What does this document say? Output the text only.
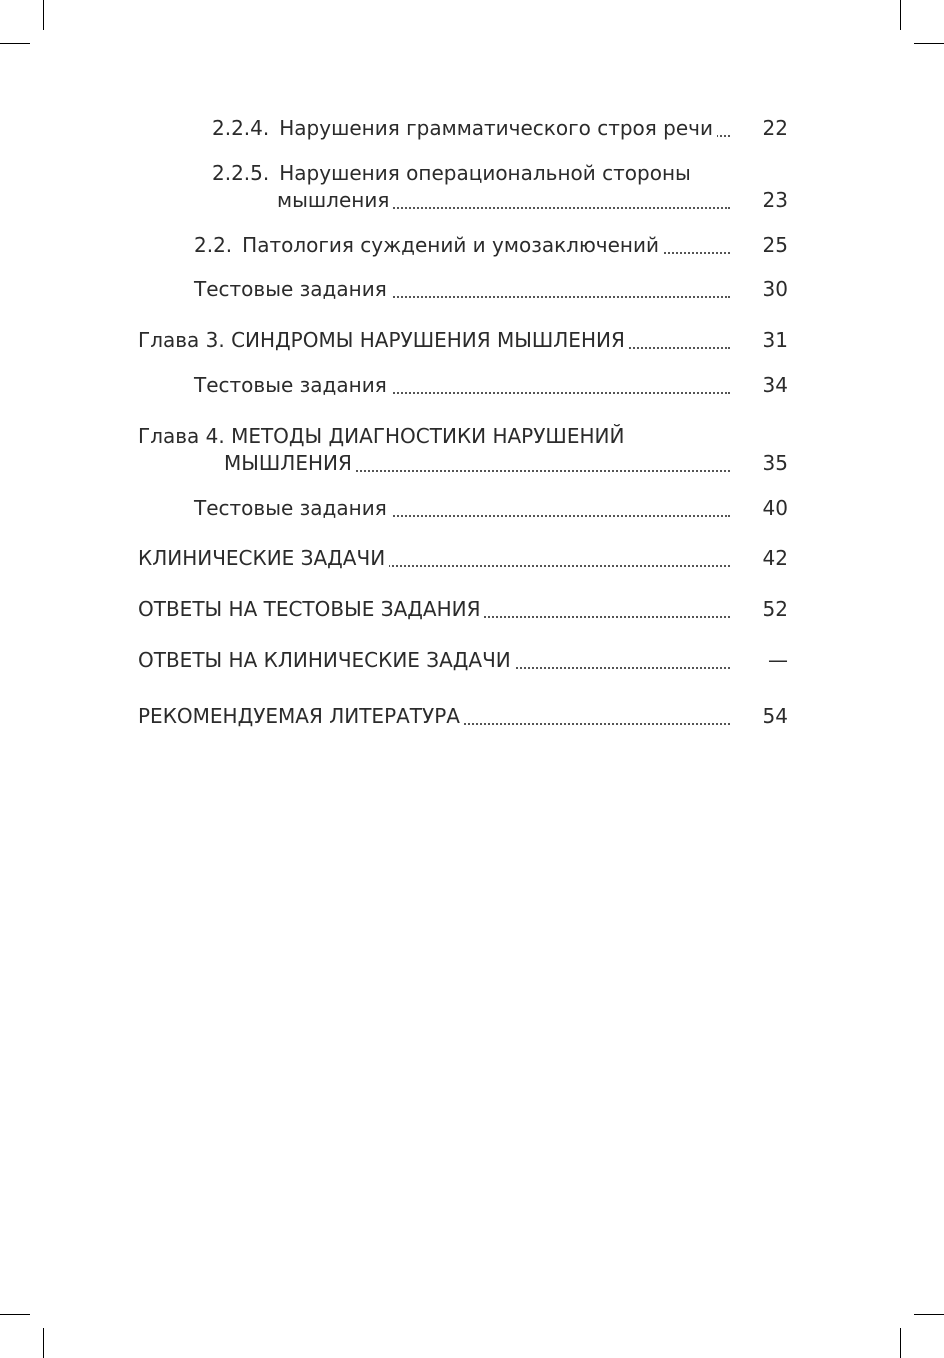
2.2.4. Нарушения грамматического строя речи	22
2.2.5. Нарушения операциональной стороны
мышления	23
2.2. Патология суждений и умозаключений	25
Тестовые задания	30
Глава 3. СИНДРОМЫ НАРУШЕНИЯ МЫШЛЕНИЯ	31
Тестовые задания	34
Глава 4. МЕТОДЫ ДИАГНОСТИКИ НАРУШЕНИЙ
МЫШЛЕНИЯ	35
Тестовые задания	40
КЛИНИЧЕСКИЕ ЗАДАЧИ	42
ОТВЕТЫ НА ТЕСТОВЫЕ ЗАДАНИЯ	52
ОТВЕТЫ НА КЛИНИЧЕСКИЕ ЗАДАЧИ	—
РЕКОМЕНДУЕМАЯ ЛИТЕРАТУРА	54
